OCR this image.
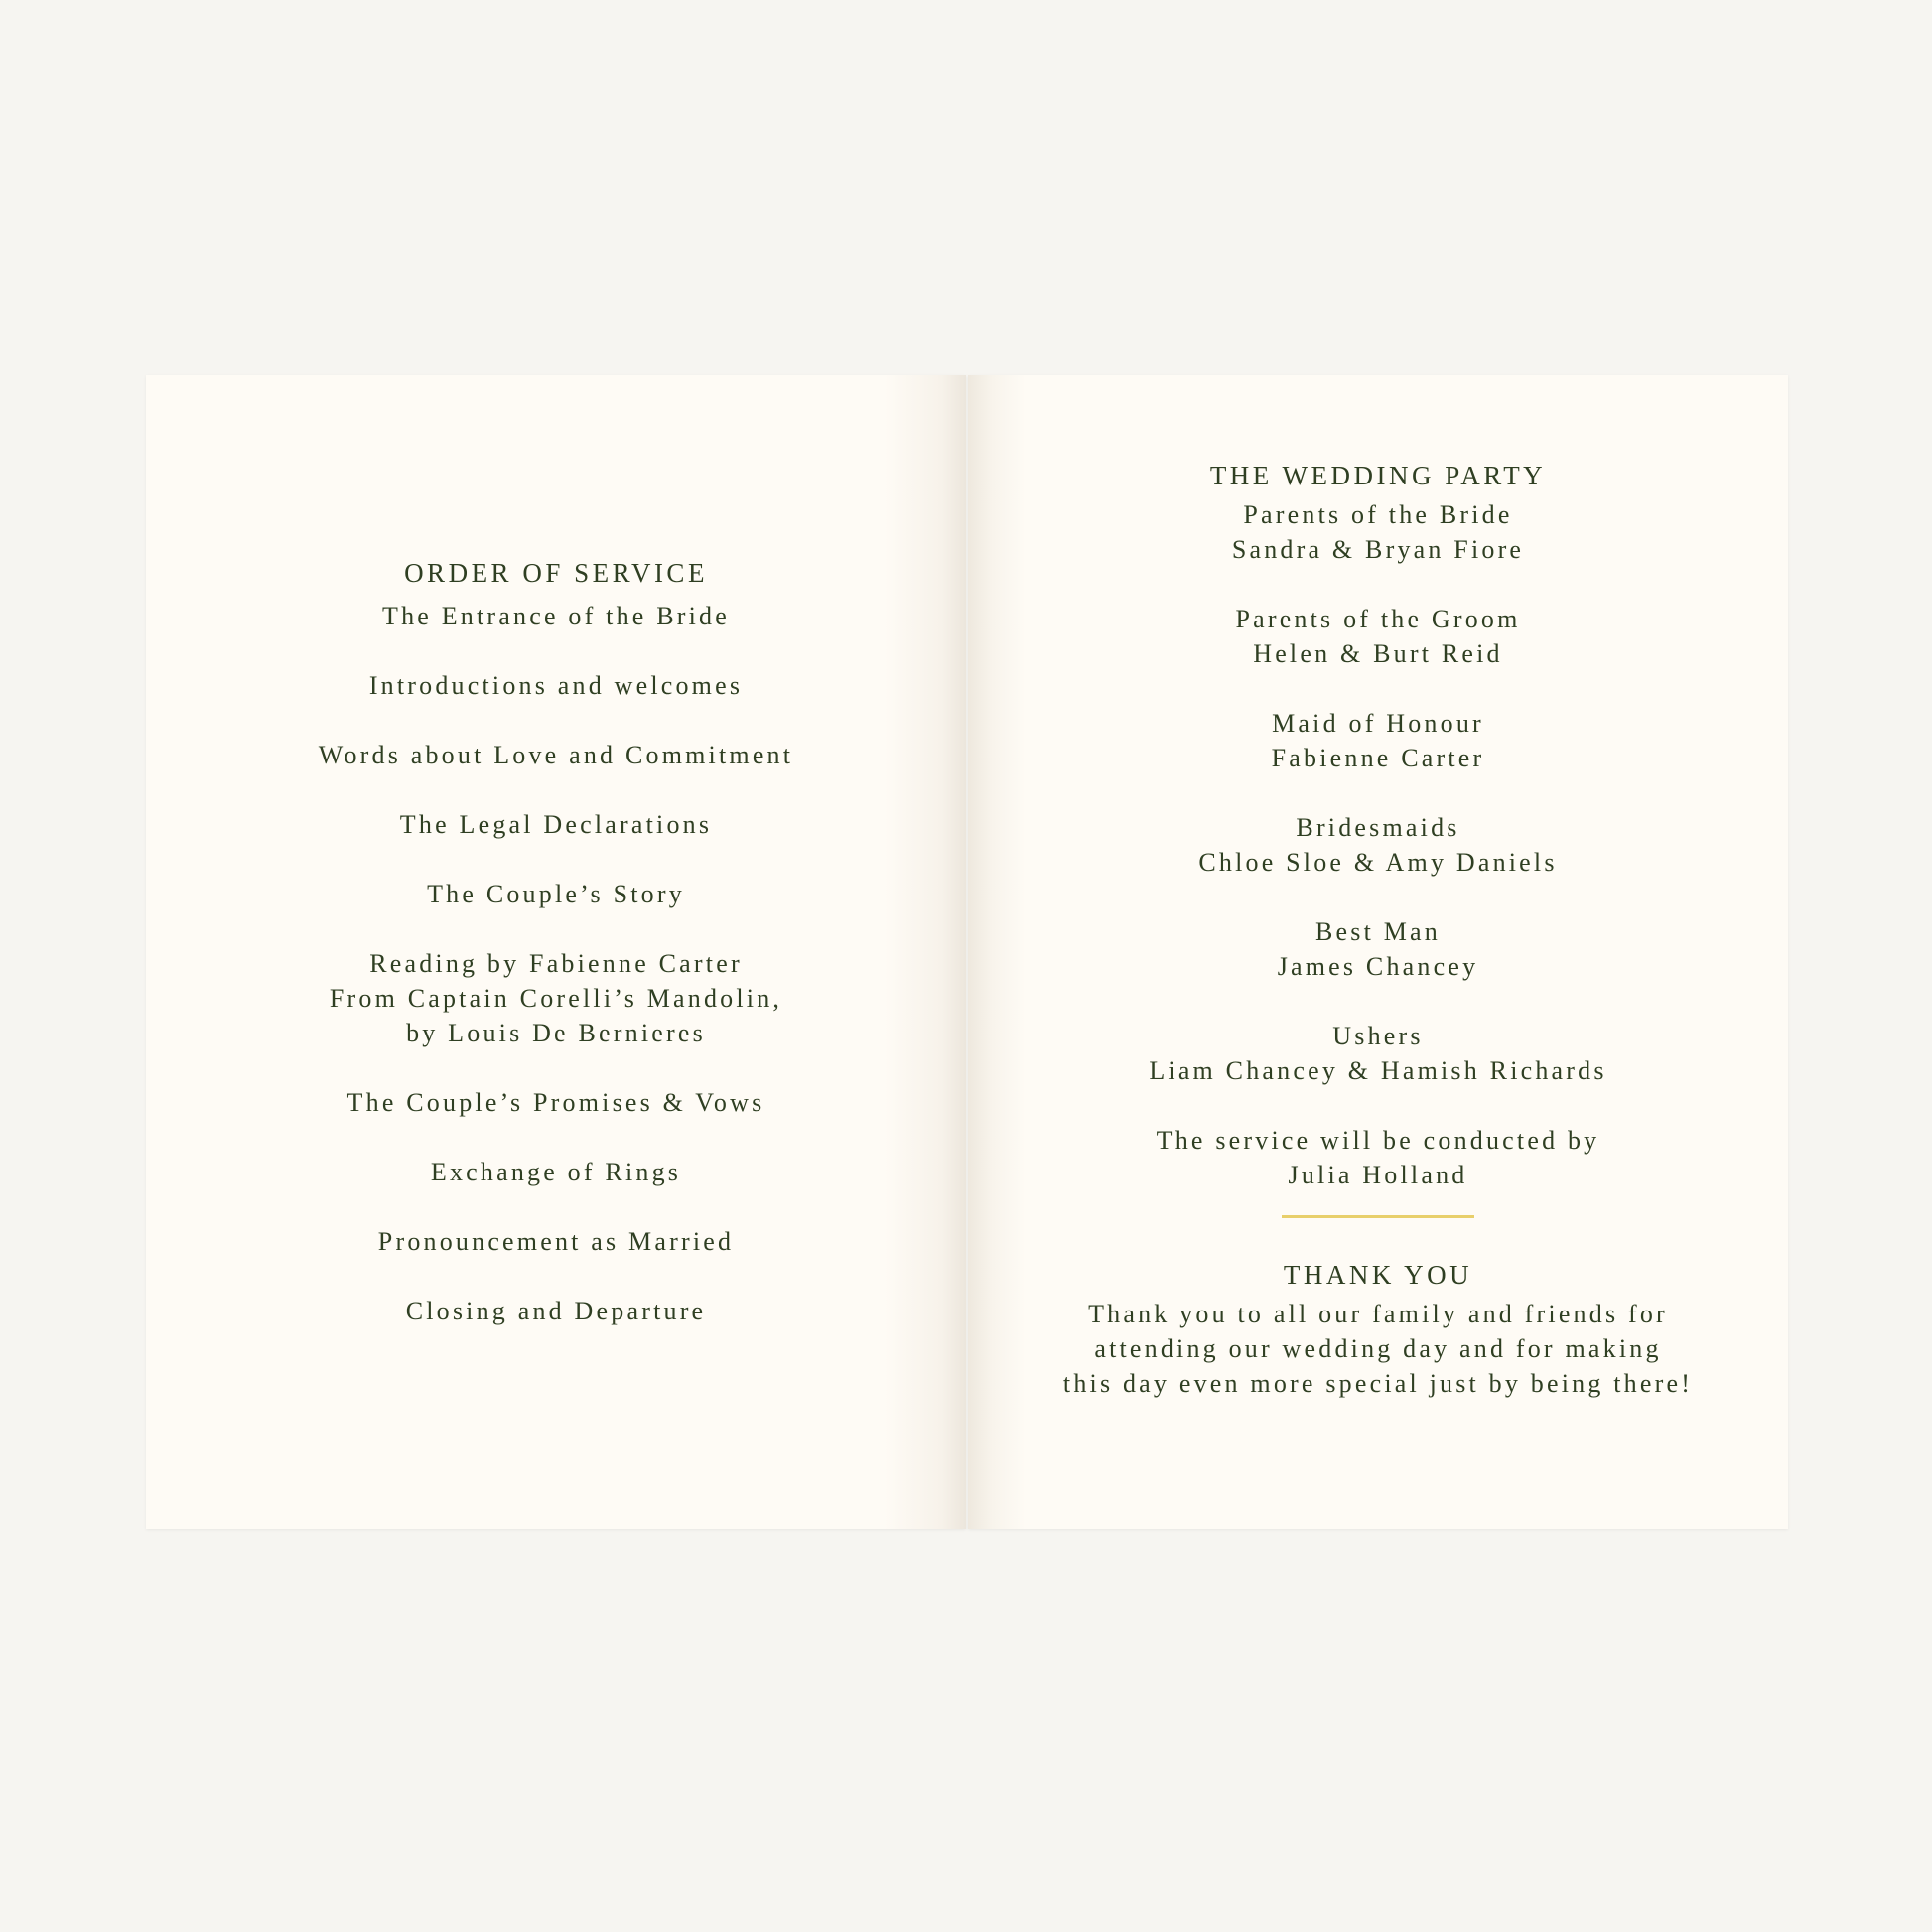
ORDER OF SERVICE
The Entrance of the Bride
Introductions and welcomes
Words about Love and Commitment
The Legal Declarations
The Couple’s Story
Reading by Fabienne Carter
From Captain Corelli’s Mandolin,
by Louis De Bernieres
The Couple’s Promises & Vows
Exchange of Rings
Pronouncement as Married
Closing and Departure
THE WEDDING PARTY
Parents of the Bride
Sandra & Bryan Fiore
Parents of the Groom
Helen & Burt Reid
Maid of Honour
Fabienne Carter
Bridesmaids
Chloe Sloe & Amy Daniels
Best Man
James Chancey
Ushers
Liam Chancey & Hamish Richards
The service will be conducted by
Julia Holland
THANK YOU
Thank you to all our family and friends for
attending our wedding day and for making
this day even more special just by being there!
